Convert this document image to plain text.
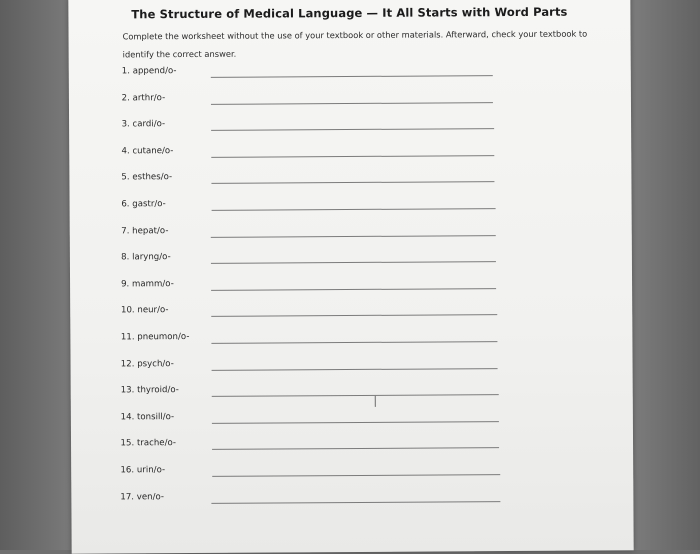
The Structure of Medical Language — It All Starts with Word Parts
Complete the worksheet without the use of your textbook or other materials. Afterward, check your textbook to identify the correct answer.
1. append/o-
2. arthr/o-
3. cardi/o-
4. cutane/o-
5. esthes/o-
6. gastr/o-
7. hepat/o-
8. laryng/o-
9. mamm/o-
10. neur/o-
11. pneumon/o-
12. psych/o-
13. thyroid/o-
14. tonsill/o-
15. trache/o-
16. urin/o-
17. ven/o-
